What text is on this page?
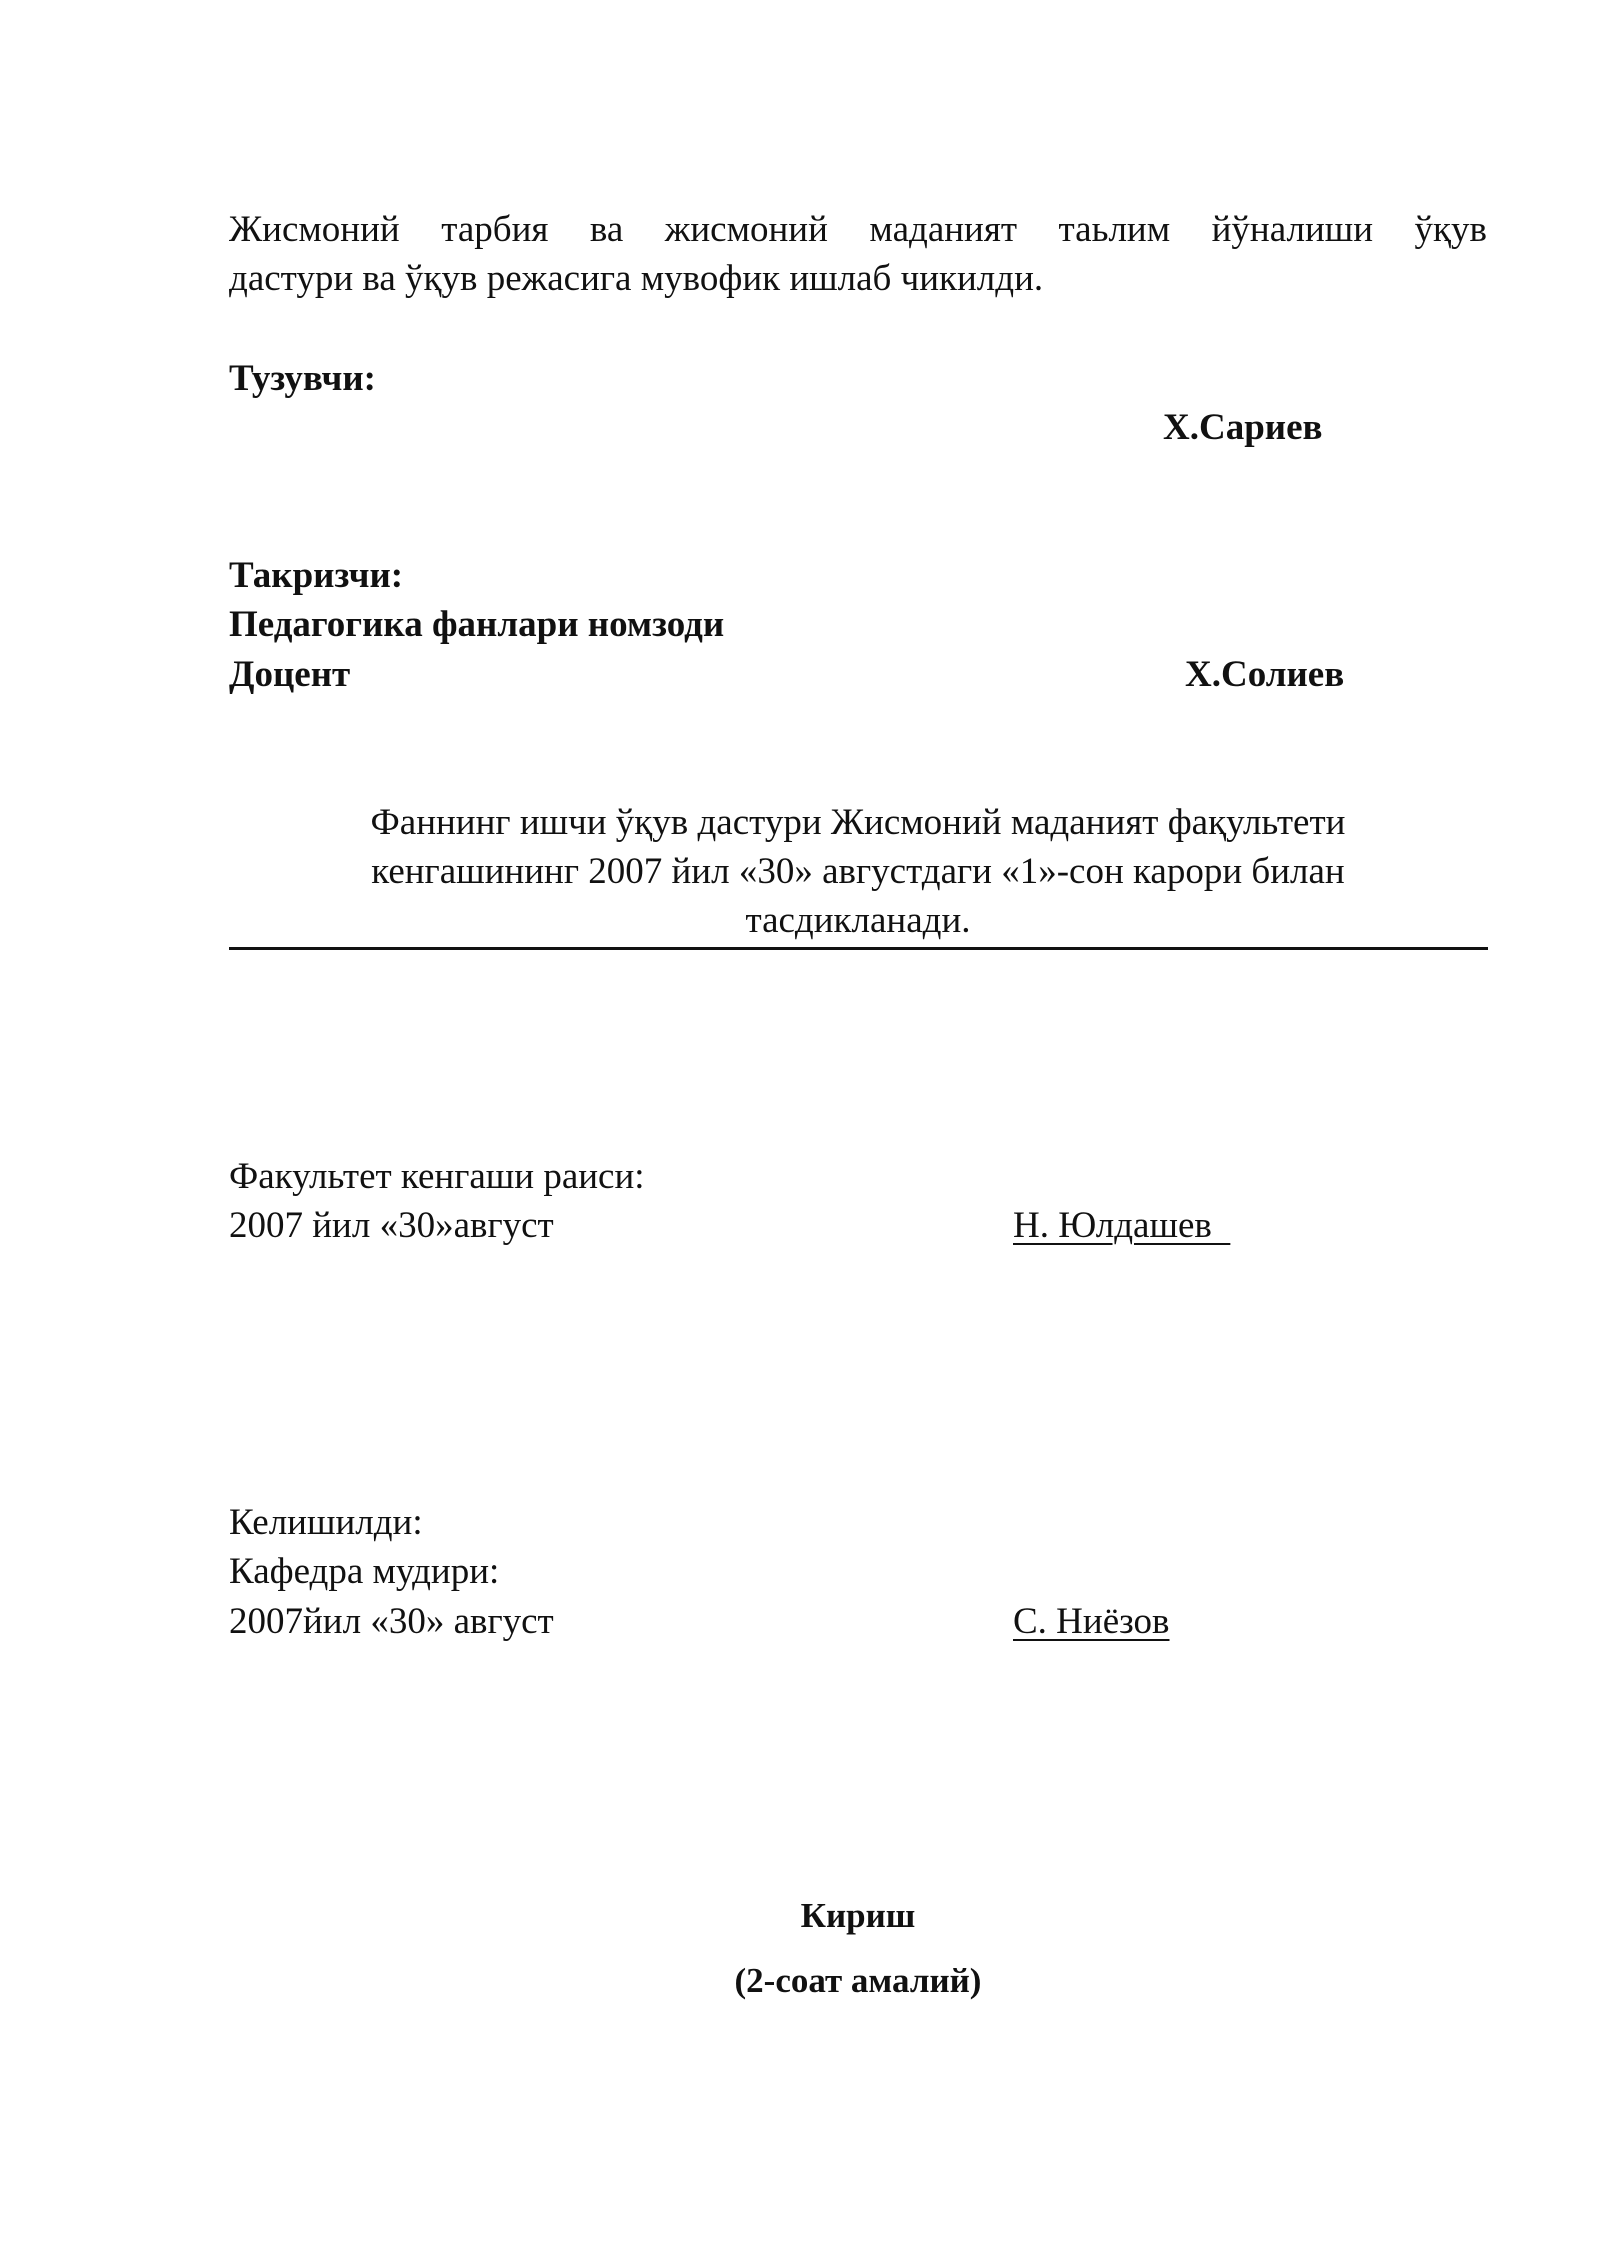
Жисмоний тарбия ва жисмоний маданият таьлим йўналиши ўқув
дастури ва ўқув режасига мувофик ишлаб чикилди.
Тузувчи:
Х.Сариев
Такризчи:
Педагогика фанлари номзоди
Доцент	Х.Солиев
Фаннинг ишчи ўқув дастури Жисмоний маданият фақультети
кенгашининг 2007 йил «30» августдаги «1»-сон карори билан
тасдикланади.
Факультет кенгаши раиси:
2007 йил «30»август	Н. Юлдашев
Келишилди:
Кафедра мудири:
2007йил «30» август	С. Ниёзов
Кириш
(2-соат амалий)
